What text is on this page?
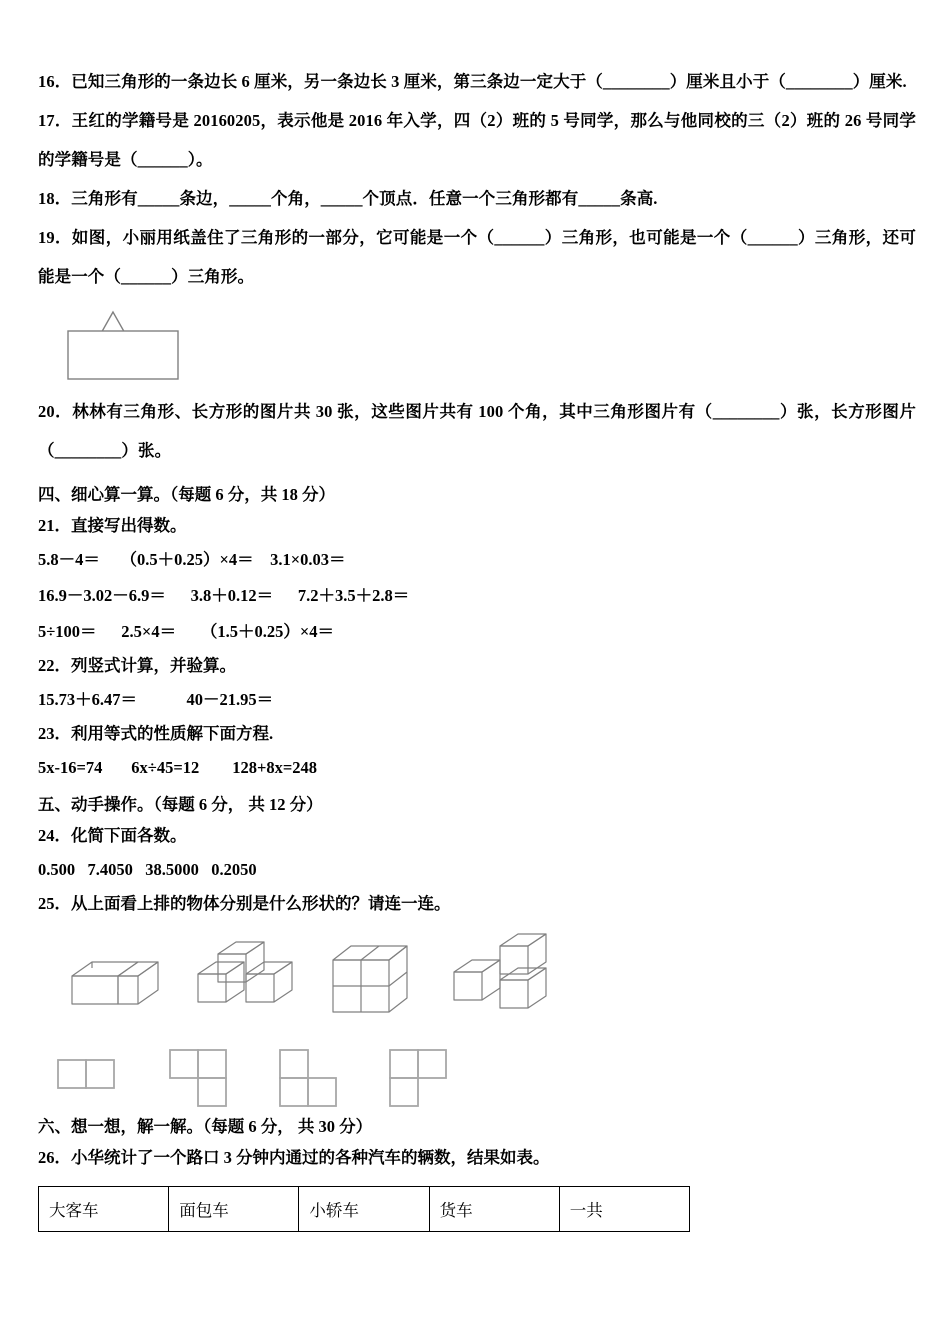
16．已知三角形的一条边长 6 厘米，另一条边长 3 厘米，第三条边一定大于（________）厘米且小于（________）厘米.

17．王红的学籍号是 20160205，表示他是 2016 年入学，四（2）班的 5 号同学，那么与他同校的三（2）班的 26 号同学的学籍号是（______）。

18．三角形有_____条边，_____个角，_____个顶点．任意一个三角形都有_____条高.

19．如图，小丽用纸盖住了三角形的一部分，它可能是一个（______）三角形，也可能是一个（______）三角形，还可能是一个（______）三角形。

20．林林有三角形、长方形的图片共 30 张，这些图片共有 100 个角，其中三角形图片有（________）张，长方形图片（________）张。

四、细心算一算。（每题 6 分，共 18 分）

21．直接写出得数。

5.8－4＝     （0.5＋0.25）×4＝    3.1×0.03＝

16.9－3.02－6.9＝      3.8＋0.12＝      7.2＋3.5＋2.8＝

5÷100＝      2.5×4＝      （1.5＋0.25）×4＝

22．列竖式计算，并验算。

15.73＋6.47＝            40－21.95＝

23．利用等式的性质解下面方程.

5x-16=74       6x÷45=12        128+8x=248

五、动手操作。（每题 6 分， 共 12 分）

24．化简下面各数。

0.500   7.4050   38.5000   0.2050

25．从上面看上排的物体分别是什么形状的？请连一连。

六、想一想，解一解。（每题 6 分， 共 30 分）

26．小华统计了一个路口 3 分钟内通过的各种汽车的辆数，结果如表。

大客车	面包车	小轿车	货车	一共
